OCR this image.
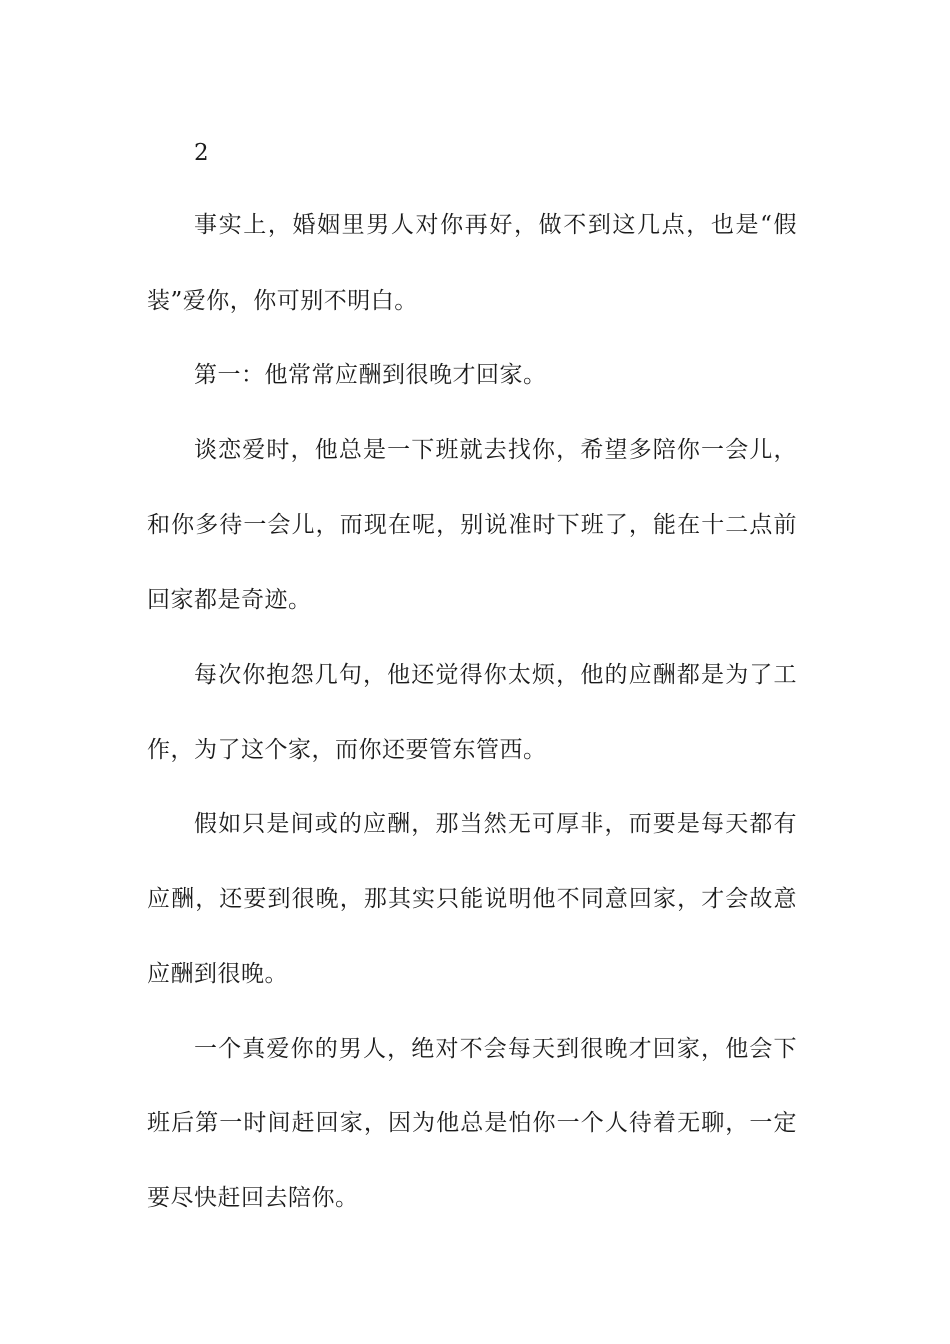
2
事实上，婚姻里男人对你再好，做不到这几点，也是“假
装”爱你，你可别不明白。
第一：他常常应酬到很晚才回家。
谈恋爱时，他总是一下班就去找你，希望多陪你一会儿，
和你多待一会儿，而现在呢，别说准时下班了，能在十二点前
回家都是奇迹。
每次你抱怨几句，他还觉得你太烦，他的应酬都是为了工
作，为了这个家，而你还要管东管西。
假如只是间或的应酬，那当然无可厚非，而要是每天都有
应酬，还要到很晚，那其实只能说明他不同意回家，才会故意
应酬到很晚。
一个真爱你的男人，绝对不会每天到很晚才回家，他会下
班后第一时间赶回家，因为他总是怕你一个人待着无聊，一定
要尽快赶回去陪你。
